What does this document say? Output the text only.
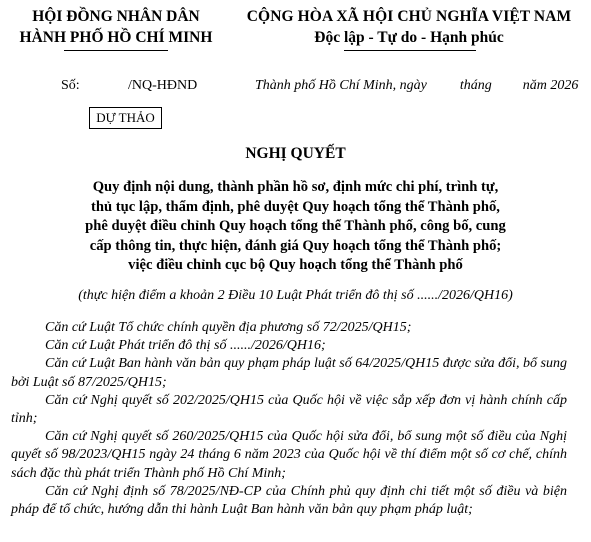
HỘI ĐỒNG NHÂN DÂN
HÀNH PHỐ HỒ CHÍ MINH
CỘNG HÒA XÃ HỘI CHỦ NGHĨA VIỆT NAM
Độc lập - Tự do - Hạnh phúc
Số:	/NQ-HĐND	Thành phố Hồ Chí Minh, ngày tháng năm 2026
DỰ THẢO
NGHỊ QUYẾT
Quy định nội dung, thành phần hồ sơ, định mức chi phí, trình tự,
thủ tục lập, thẩm định, phê duyệt Quy hoạch tổng thể Thành phố,
phê duyệt điều chỉnh Quy hoạch tổng thể Thành phố, công bố, cung
cấp thông tin, thực hiện, đánh giá Quy hoạch tổng thể Thành phố;
việc điều chỉnh cục bộ Quy hoạch tổng thể Thành phố
(thực hiện điểm a khoản 2 Điều 10 Luật Phát triển đô thị số ....../2026/QH16)

Căn cứ Luật Tổ chức chính quyền địa phương số 72/2025/QH15;

Căn cứ Luật Phát triển đô thị số ....../2026/QH16;

Căn cứ Luật Ban hành văn bản quy phạm pháp luật số 64/2025/QH15 được sửa đổi, bổ sung bởi Luật số 87/2025/QH15;

Căn cứ Nghị quyết số 202/2025/QH15 của Quốc hội về việc sắp xếp đơn vị hành chính cấp tỉnh;

Căn cứ Nghị quyết số 260/2025/QH15 của Quốc hội sửa đổi, bổ sung một số điều của Nghị quyết số 98/2023/QH15 ngày 24 tháng 6 năm 2023 của Quốc hội về thí điểm một số cơ chế, chính sách đặc thù phát triển Thành phố Hồ Chí Minh;

Căn cứ Nghị định số 78/2025/NĐ-CP của Chính phủ quy định chi tiết một số điều và biện pháp để tổ chức, hướng dẫn thi hành Luật Ban hành văn bản quy phạm pháp luật;
